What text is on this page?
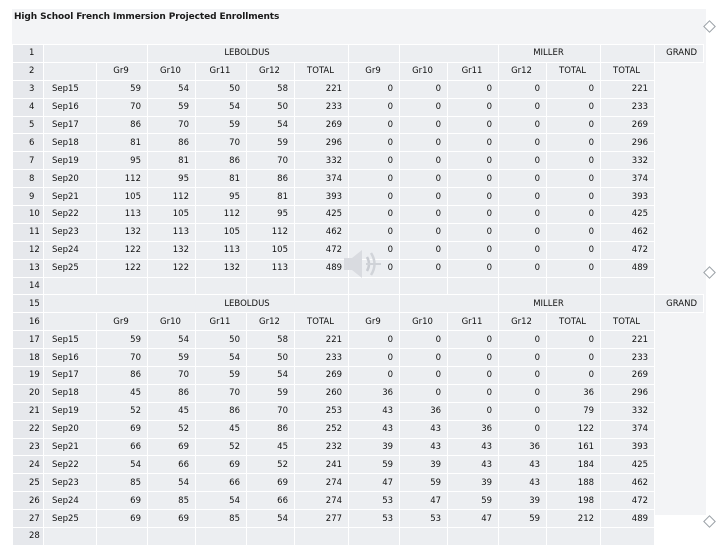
High School French Immersion Projected Enrollments
1			LEBOLDUS							MILLER			GRAND
2		Gr9	Gr10	Gr11	Gr12	TOTAL	Gr9	Gr10	Gr11	Gr12	TOTAL	TOTAL	
3	Sep15	59	54	50	58	221	0	0	0	0	0	221	
4	Sep16	70	59	54	50	233	0	0	0	0	0	233	
5	Sep17	86	70	59	54	269	0	0	0	0	0	269	
6	Sep18	81	86	70	59	296	0	0	0	0	0	296	
7	Sep19	95	81	86	70	332	0	0	0	0	0	332	
8	Sep20	112	95	81	86	374	0	0	0	0	0	374	
9	Sep21	105	112	95	81	393	0	0	0	0	0	393	
10	Sep22	113	105	112	95	425	0	0	0	0	0	425	
11	Sep23	132	113	105	112	462	0	0	0	0	0	462	
12	Sep24	122	132	113	105	472	0	0	0	0	0	472	
13	Sep25	122	122	132	113	489	0	0	0	0	0	489	
14													
15			LEBOLDUS							MILLER			GRAND
16		Gr9	Gr10	Gr11	Gr12	TOTAL	Gr9	Gr10	Gr11	Gr12	TOTAL	TOTAL	
17	Sep15	59	54	50	58	221	0	0	0	0	0	221	
18	Sep16	70	59	54	50	233	0	0	0	0	0	233	
19	Sep17	86	70	59	54	269	0	0	0	0	0	269	
20	Sep18	45	86	70	59	260	36	0	0	0	36	296	
21	Sep19	52	45	86	70	253	43	36	0	0	79	332	
22	Sep20	69	52	45	86	252	43	43	36	0	122	374	
23	Sep21	66	69	52	45	232	39	43	43	36	161	393	
24	Sep22	54	66	69	52	241	59	39	43	43	184	425	
25	Sep23	85	54	66	69	274	47	59	39	43	188	462	
26	Sep24	69	85	54	66	274	53	47	59	39	198	472	
27	Sep25	69	69	85	54	277	53	53	47	59	212	489	
28													
